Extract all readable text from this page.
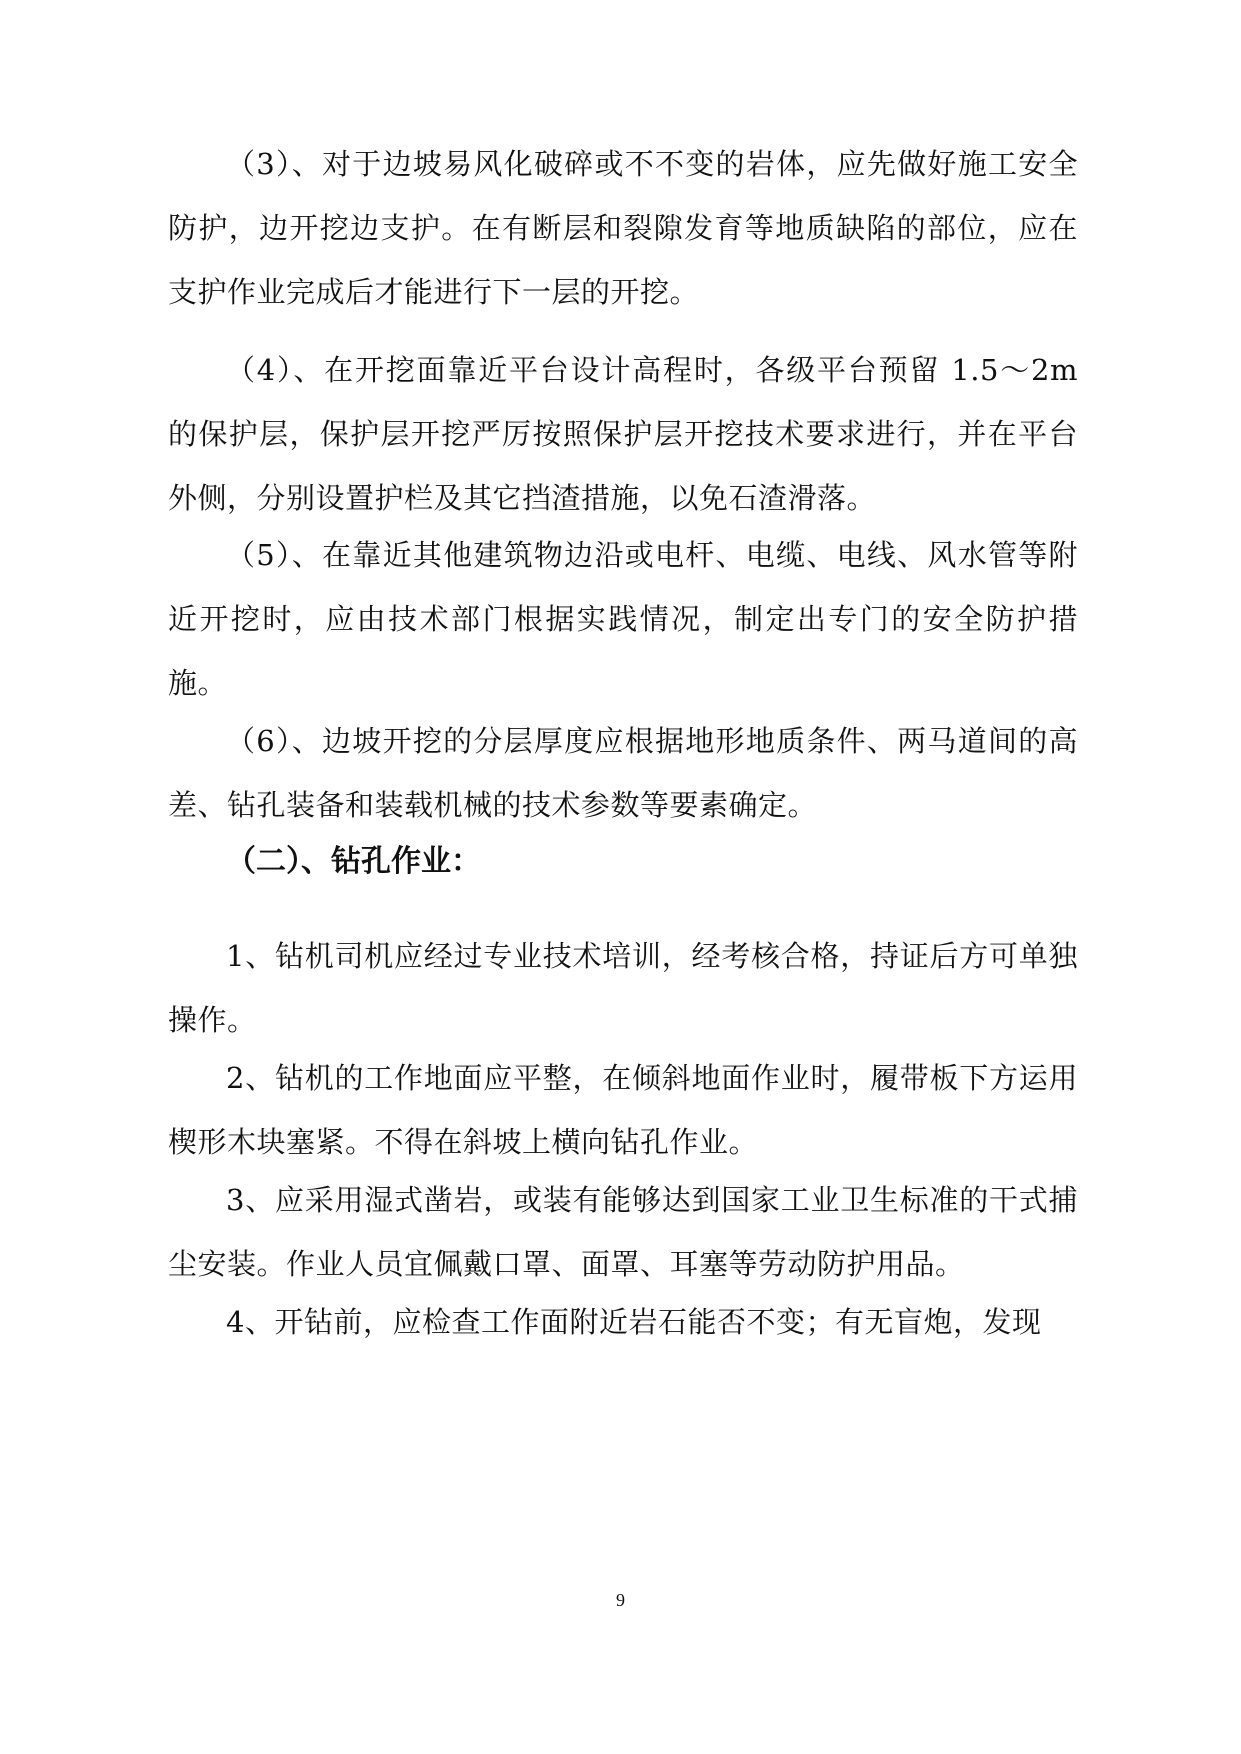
（3）、对于边坡易风化破碎或不不变的岩体，应先做好施工安全防护，边开挖边支护。在有断层和裂隙发育等地质缺陷的部位，应在支护作业完成后才能进行下一层的开挖。

（4）、在开挖面靠近平台设计高程时，各级平台预留 1.5～2m 的保护层，保护层开挖严厉按照保护层开挖技术要求进行，并在平台外侧，分别设置护栏及其它挡渣措施，以免石渣滑落。

（5）、在靠近其他建筑物边沿或电杆、电缆、电线、风水管等附近开挖时，应由技术部门根据实践情况，制定出专门的安全防护措施。

（6）、边坡开挖的分层厚度应根据地形地质条件、两马道间的高差、钻孔装备和装载机械的技术参数等要素确定。

（二）、钻孔作业：

1、钻机司机应经过专业技术培训，经考核合格，持证后方可单独操作。

2、钻机的工作地面应平整，在倾斜地面作业时，履带板下方运用楔形木块塞紧。不得在斜坡上横向钻孔作业。

3、应采用湿式凿岩，或装有能够达到国家工业卫生标准的干式捕尘安装。作业人员宜佩戴口罩、面罩、耳塞等劳动防护用品。

4、开钻前，应检查工作面附近岩石能否不变；有无盲炮，发现

9
